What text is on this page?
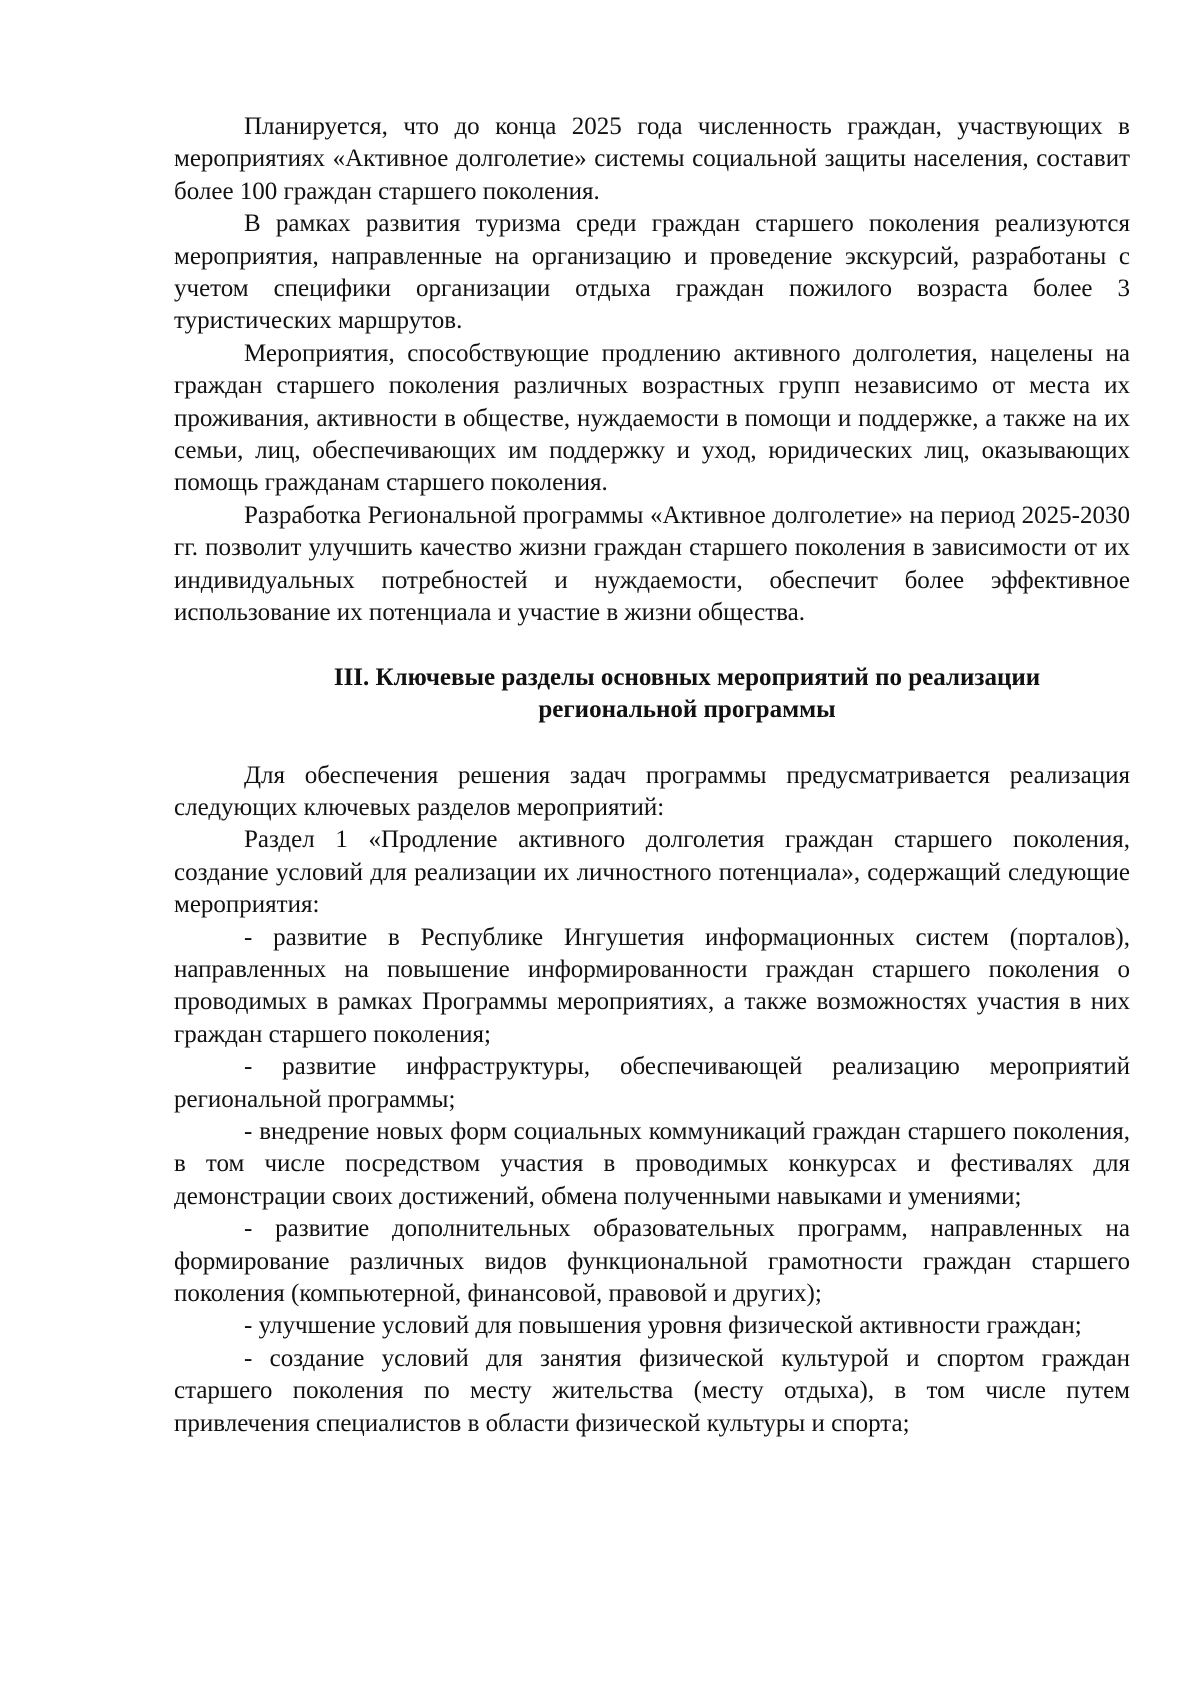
Планируется, что до конца 2025 года численность граждан, участвующих в мероприятиях «Активное долголетие» системы социальной защиты населения, составит более 100 граждан старшего поколения.

В рамках развития туризма среди граждан старшего поколения реализуются мероприятия, направленные на организацию и проведение экскурсий, разработаны с учетом специфики организации отдыха граждан пожилого возраста более 3 туристических маршрутов.

Мероприятия, способствующие продлению активного долголетия, нацелены на граждан старшего поколения различных возрастных групп независимо от места их проживания, активности в обществе, нуждаемости в помощи и поддержке, а также на их семьи, лиц, обеспечивающих им поддержку и уход, юридических лиц, оказывающих помощь гражданам старшего поколения.

Разработка Региональной программы «Активное долголетие» на период 2025-2030 гг. позволит улучшить качество жизни граждан старшего поколения в зависимости от их индивидуальных потребностей и нуждаемости, обеспечит более эффективное использование их потенциала и участие в жизни общества.

III. Ключевые разделы основных мероприятий по реализации
региональной программы

Для обеспечения решения задач программы предусматривается реализация следующих ключевых разделов мероприятий:

Раздел 1 «Продление активного долголетия граждан старшего поколения, создание условий для реализации их личностного потенциала», содержащий следующие мероприятия:

- развитие в Республике Ингушетия информационных систем (порталов), направленных на повышение информированности граждан старшего поколения о проводимых в рамках Программы мероприятиях, а также возможностях участия в них граждан старшего поколения;

- развитие инфраструктуры, обеспечивающей реализацию мероприятий региональной программы;

- внедрение новых форм социальных коммуникаций граждан старшего поколения, в том числе посредством участия в проводимых конкурсах и фестивалях для демонстрации своих достижений, обмена полученными навыками и умениями;

- развитие дополнительных образовательных программ, направленных на формирование различных видов функциональной грамотности граждан старшего поколения (компьютерной, финансовой, правовой и других);

- улучшение условий для повышения уровня физической активности граждан;

- создание условий для занятия физической культурой и спортом граждан старшего поколения по месту жительства (месту отдыха), в том числе путем привлечения специалистов в области физической культуры и спорта;
